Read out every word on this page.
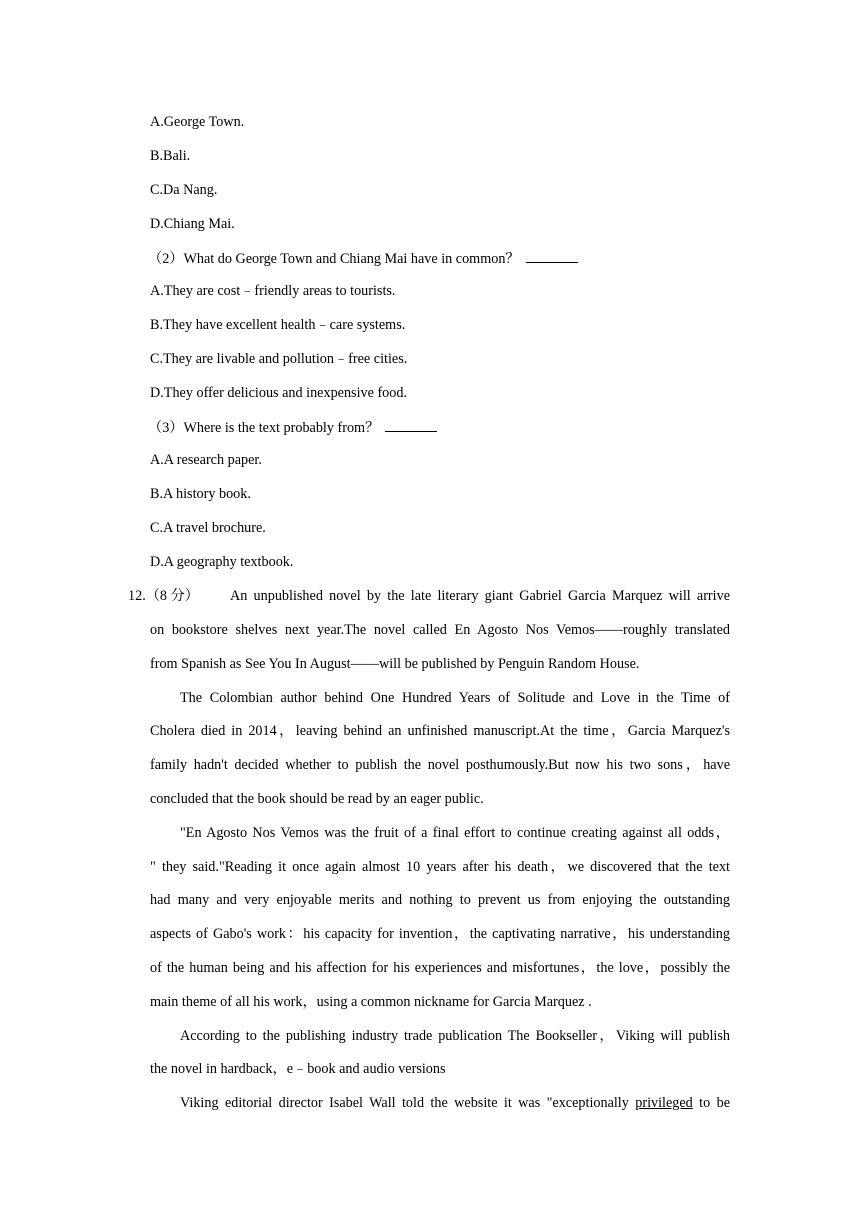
A.George Town.
B.Bali.
C.Da Nang.
D.Chiang Mai.
（2）What do George Town and Chiang Mai have in common？
A.They are cost﹣friendly areas to tourists.
B.They have excellent health﹣care systems.
C.They are livable and pollution﹣free cities.
D.They offer delicious and inexpensive food.
（3）Where is the text probably from？
A.A research paper.
B.A history book.
C.A travel brochure.
D.A geography textbook.
12.（8 分） An unpublished novel by the late literary giant Gabriel Garcia Marquez will arrive
on bookstore shelves next year.The novel called En Agosto Nos Vemos——roughly translated
from Spanish as See You In August——will be published by Penguin Random House.
The Colombian author behind One Hundred Years of Solitude and Love in the Time of
Cholera died in 2014，leaving behind an unfinished manuscript.At the time，Garcia Marquez's
family hadn't decided whether to publish the novel posthumously.But now his two sons，have
concluded that the book should be read by an eager public.
"En Agosto Nos Vemos was the fruit of a final effort to continue creating against all odds，
" they said."Reading it once again almost 10 years after his death，we discovered that the text
had many and very enjoyable merits and nothing to prevent us from enjoying the outstanding
aspects of Gabo's work：his capacity for invention，the captivating narrative，his understanding
of the human being and his affection for his experiences and misfortunes，the love，possibly the
main theme of all his work，using a common nickname for Garcia Marquez .
According to the publishing industry trade publication The Bookseller，Viking will publish
the novel in hardback，e﹣book and audio versions
Viking editorial director Isabel Wall told the website it was "exceptionally privileged to be
